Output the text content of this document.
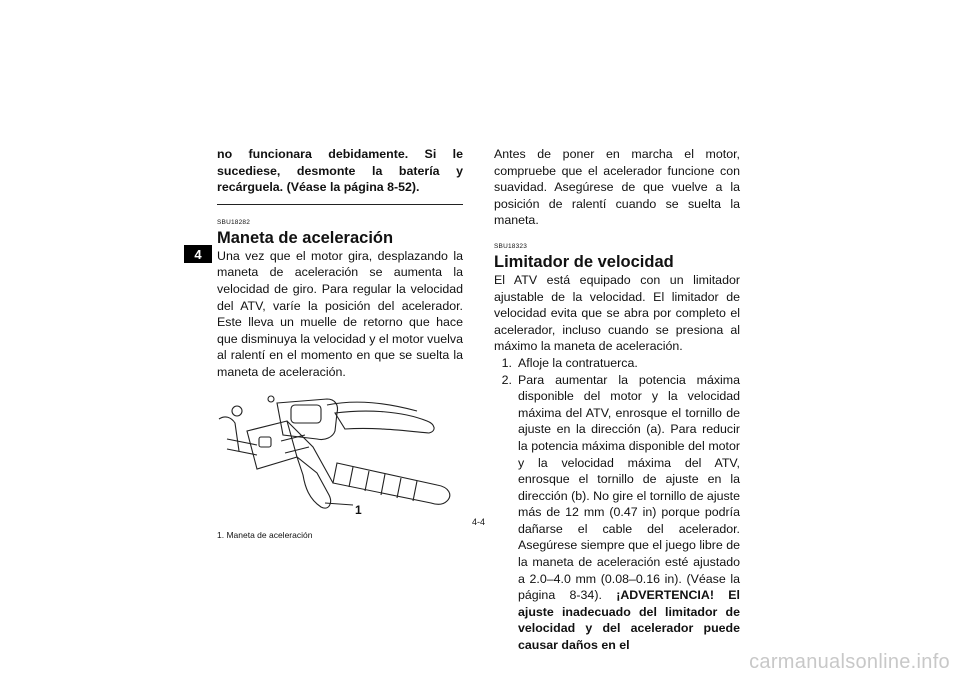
4

no funcionara debidamente. Si le sucediese, desmonte la batería y recárguela. (Véase la página 8-52).

SBU18282

Maneta de aceleración

Una vez que el motor gira, desplazando la maneta de aceleración se aumenta la velocidad de giro. Para regular la velocidad del ATV, varíe la posición del acelerador. Este lleva un muelle de retorno que hace que disminuya la velocidad y el motor vuelva al ralentí en el momento en que se suelta la maneta de aceleración.

1

1. Maneta de aceleración

Antes de poner en marcha el motor, compruebe que el acelerador funcione con suavidad. Asegúrese de que vuelve a la posición de ralentí cuando se suelta la maneta.

SBU18323

Limitador de velocidad

El ATV está equipado con un limitador ajustable de la velocidad. El limitador de velocidad evita que se abra por completo el acelerador, incluso cuando se presiona al máximo la maneta de aceleración.

1. Afloje la contratuerca.
2. Para aumentar la potencia máxima disponible del motor y la velocidad máxima del ATV, enrosque el tornillo de ajuste en la dirección (a). Para reducir la potencia máxima disponible del motor y la velocidad máxima del ATV, enrosque el tornillo de ajuste en la dirección (b). No gire el tornillo de ajuste más de 12 mm (0.47 in) porque podría dañarse el cable del acelerador. Asegúrese siempre que el juego libre de la maneta de aceleración esté ajustado a 2.0–4.0 mm (0.08–0.16 in). (Véase la página 8-34). ¡ADVERTENCIA! El ajuste inadecuado del limitador de velocidad y del acelerador puede causar daños en el
4-4
carmanualsonline.info
